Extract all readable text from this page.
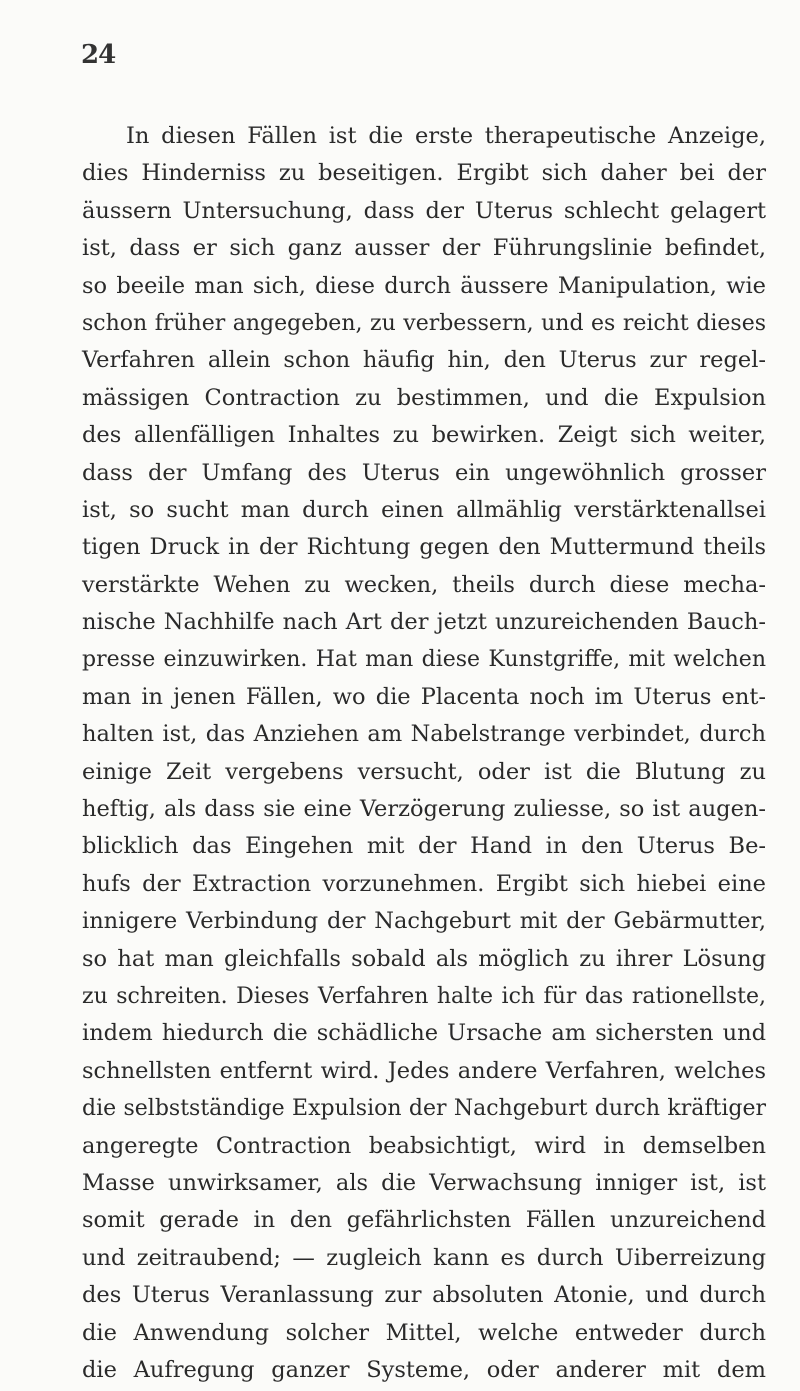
24
In diesen Fällen ist die erste therapeutische Anzeige,
dies Hinderniss zu beseitigen. Ergibt sich daher bei der
äussern Untersuchung, dass der Uterus schlecht gelagert
ist, dass er sich ganz ausser der Führungslinie befindet,
so beeile man sich, diese durch äussere Manipulation, wie
schon früher angegeben, zu verbessern, und es reicht dieses
Verfahren allein schon häufig hin, den Uterus zur regel-
mässigen Contraction zu bestimmen, und die Expulsion
des allenfälligen Inhaltes zu bewirken. Zeigt sich weiter,
dass der Umfang des Uterus ein ungewöhnlich grosser
ist, so sucht man durch einen allmählig verstärktenallsei
tigen Druck in der Richtung gegen den Muttermund theils
verstärkte Wehen zu wecken, theils durch diese mecha-
nische Nachhilfe nach Art der jetzt unzureichenden Bauch-
presse einzuwirken. Hat man diese Kunstgriffe, mit welchen
man in jenen Fällen, wo die Placenta noch im Uterus ent-
halten ist, das Anziehen am Nabelstrange verbindet, durch
einige Zeit vergebens versucht, oder ist die Blutung zu
heftig, als dass sie eine Verzögerung zuliesse, so ist augen-
blicklich das Eingehen mit der Hand in den Uterus Be-
hufs der Extraction vorzunehmen. Ergibt sich hiebei eine
innigere Verbindung der Nachgeburt mit der Gebärmutter,
so hat man gleichfalls sobald als möglich zu ihrer Lösung
zu schreiten. Dieses Verfahren halte ich für das rationellste,
indem hiedurch die schädliche Ursache am sichersten und
schnellsten entfernt wird. Jedes andere Verfahren, welches
die selbstständige Expulsion der Nachgeburt durch kräftiger
angeregte Contraction beabsichtigt, wird in demselben
Masse unwirksamer, als die Verwachsung inniger ist, ist
somit gerade in den gefährlichsten Fällen unzureichend
und zeitraubend; — zugleich kann es durch Uiberreizung
des Uterus Veranlassung zur absoluten Atonie, und durch
die Anwendung solcher Mittel, welche entweder durch
die Aufregung ganzer Systeme, oder anderer mit dem
